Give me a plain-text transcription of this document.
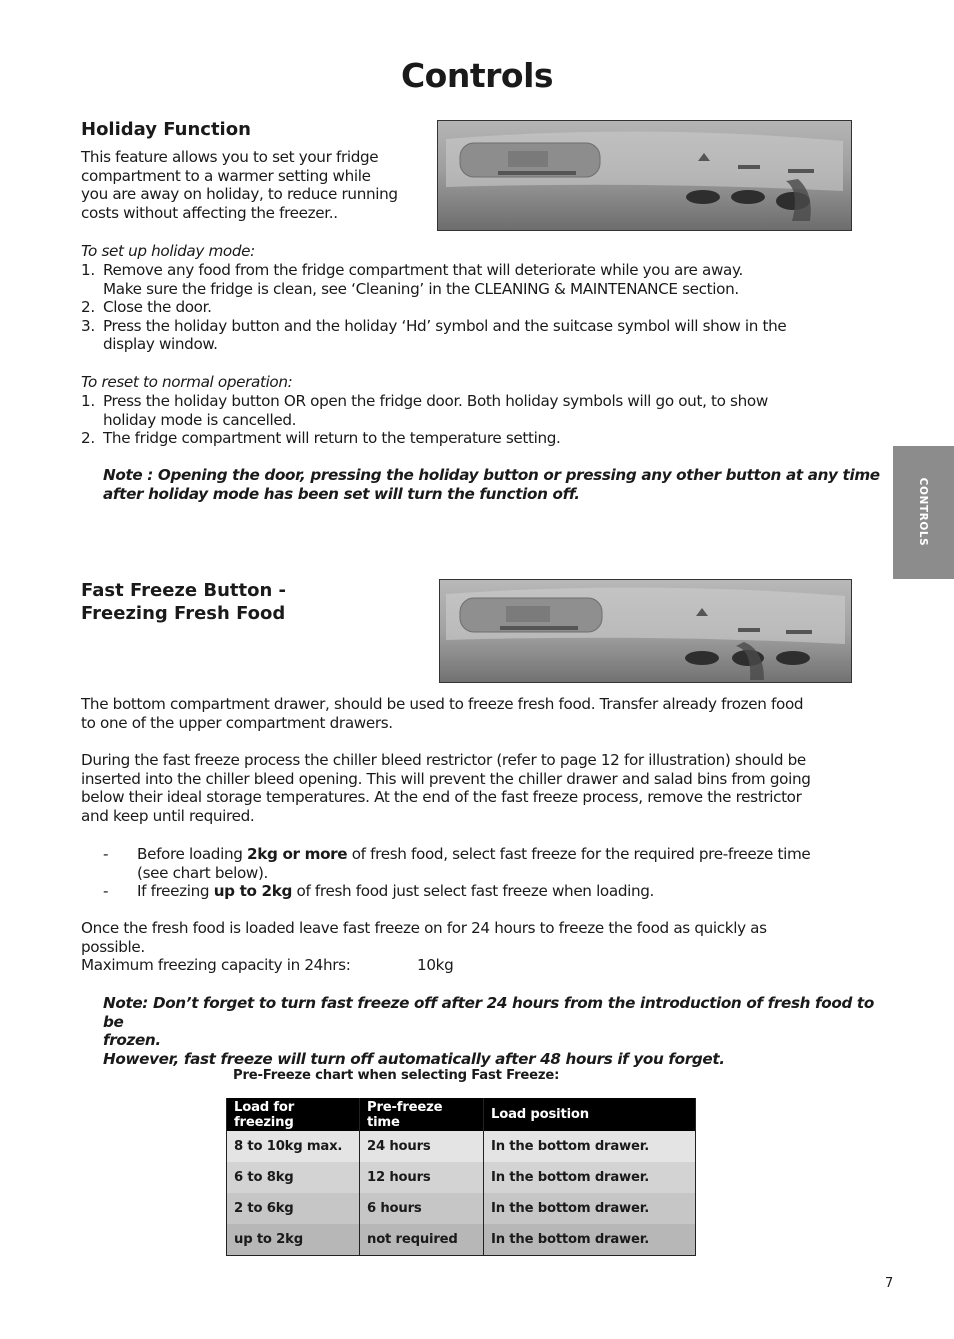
Controls
CONTROLS
Holiday Function
This feature allows you to set your fridge
compartment to a warmer setting while
you are away on holiday, to reduce running
costs without affecting the freezer..
To set up holiday mode:
1. Remove any food from the fridge compartment that will deteriorate while you are away.
Make sure the fridge is clean, see ‘Cleaning’ in the CLEANING & MAINTENANCE section.
2. Close the door.
3. Press the holiday button and the holiday ‘Hd’ symbol and the suitcase symbol will show in the
display window.
To reset to normal operation:
1. Press the holiday button OR open the fridge door. Both holiday symbols will go out, to show
holiday mode is cancelled.
2. The fridge compartment will return to the temperature setting.
Note : Opening the door, pressing the holiday button or pressing any other button at any time
after holiday mode has been set will turn the function off.
Fast Freeze Button -
Freezing Fresh Food
The bottom compartment drawer, should be used to freeze fresh food. Transfer already frozen food
to one of the upper compartment drawers.
During the fast freeze process the chiller bleed restrictor (refer to page 12 for illustration) should be
inserted into the chiller bleed opening. This will prevent the chiller drawer and salad bins from going
below their ideal storage temperatures. At the end of the fast freeze process, remove the restrictor
and keep until required.
- Before loading 2kg or more of fresh food, select fast freeze for the required pre-freeze time
(see chart below).
- If freezing up to 2kg of fresh food just select fast freeze when loading.
Once the fresh food is loaded leave fast freeze on for 24 hours to freeze the food as quickly as
possible.
Maximum freezing capacity in 24hrs:	10kg
Note: Don’t forget to turn fast freeze off after 24 hours from the introduction of fresh food to be
frozen.
However, fast freeze will turn off automatically after 48 hours if you forget.
Pre-Freeze chart when selecting Fast Freeze:
Load for freezing	Pre-freeze time	Load position
8 to 10kg max.	24 hours	In the bottom drawer.
6 to 8kg	12 hours	In the bottom drawer.
2 to 6kg	6 hours	In the bottom drawer.
up to 2kg	not required	In the bottom drawer.
7
